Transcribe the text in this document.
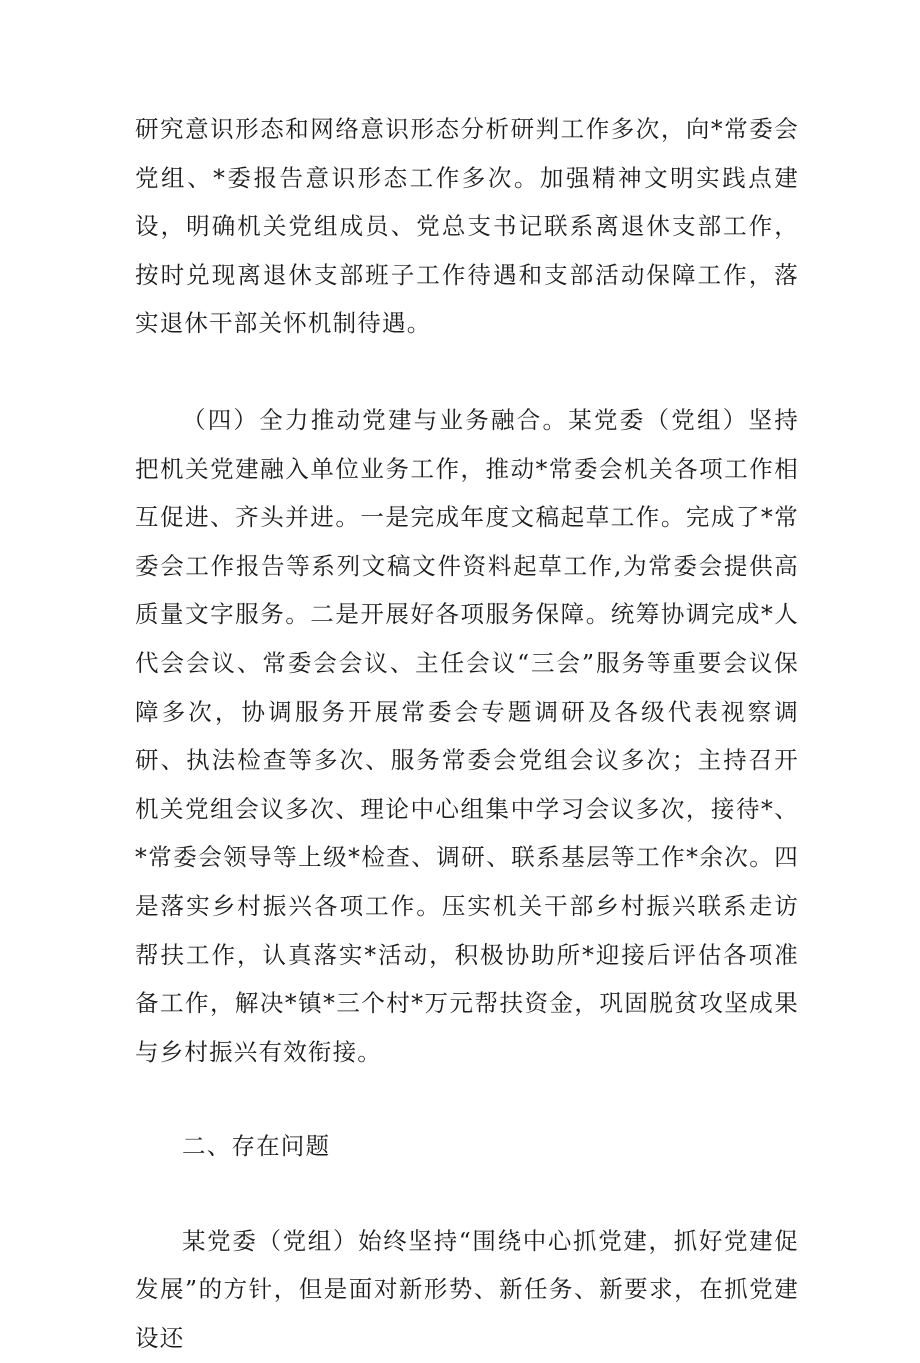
研究意识形态和网络意识形态分析研判工作多次，向*常委会党组、*委报告意识形态工作多次。加强精神文明实践点建设，明确机关党组成员、党总支书记联系离退休支部工作，按时兑现离退休支部班子工作待遇和支部活动保障工作，落实退休干部关怀机制待遇。

（四）全力推动党建与业务融合。某党委（党组）坚持把机关党建融入单位业务工作，推动*常委会机关各项工作相互促进、齐头并进。一是完成年度文稿起草工作。完成了*常委会工作报告等系列文稿文件资料起草工作,为常委会提供高质量文字服务。二是开展好各项服务保障。统筹协调完成*人代会会议、常委会会议、主任会议“三会”服务等重要会议保障多次，协调服务开展常委会专题调研及各级代表视察调研、执法检查等多次、服务常委会党组会议多次；主持召开机关党组会议多次、理论中心组集中学习会议多次，接待*、*常委会领导等上级*检查、调研、联系基层等工作*余次。四是落实乡村振兴各项工作。压实机关干部乡村振兴联系走访帮扶工作，认真落实*活动，积极协助所*迎接后评估各项准备工作，解决*镇*三个村*万元帮扶资金，巩固脱贫攻坚成果与乡村振兴有效衔接。

二、存在问题

某党委（党组）始终坚持“围绕中心抓党建，抓好党建促发展”的方针，但是面对新形势、新任务、新要求，在抓党建设还
